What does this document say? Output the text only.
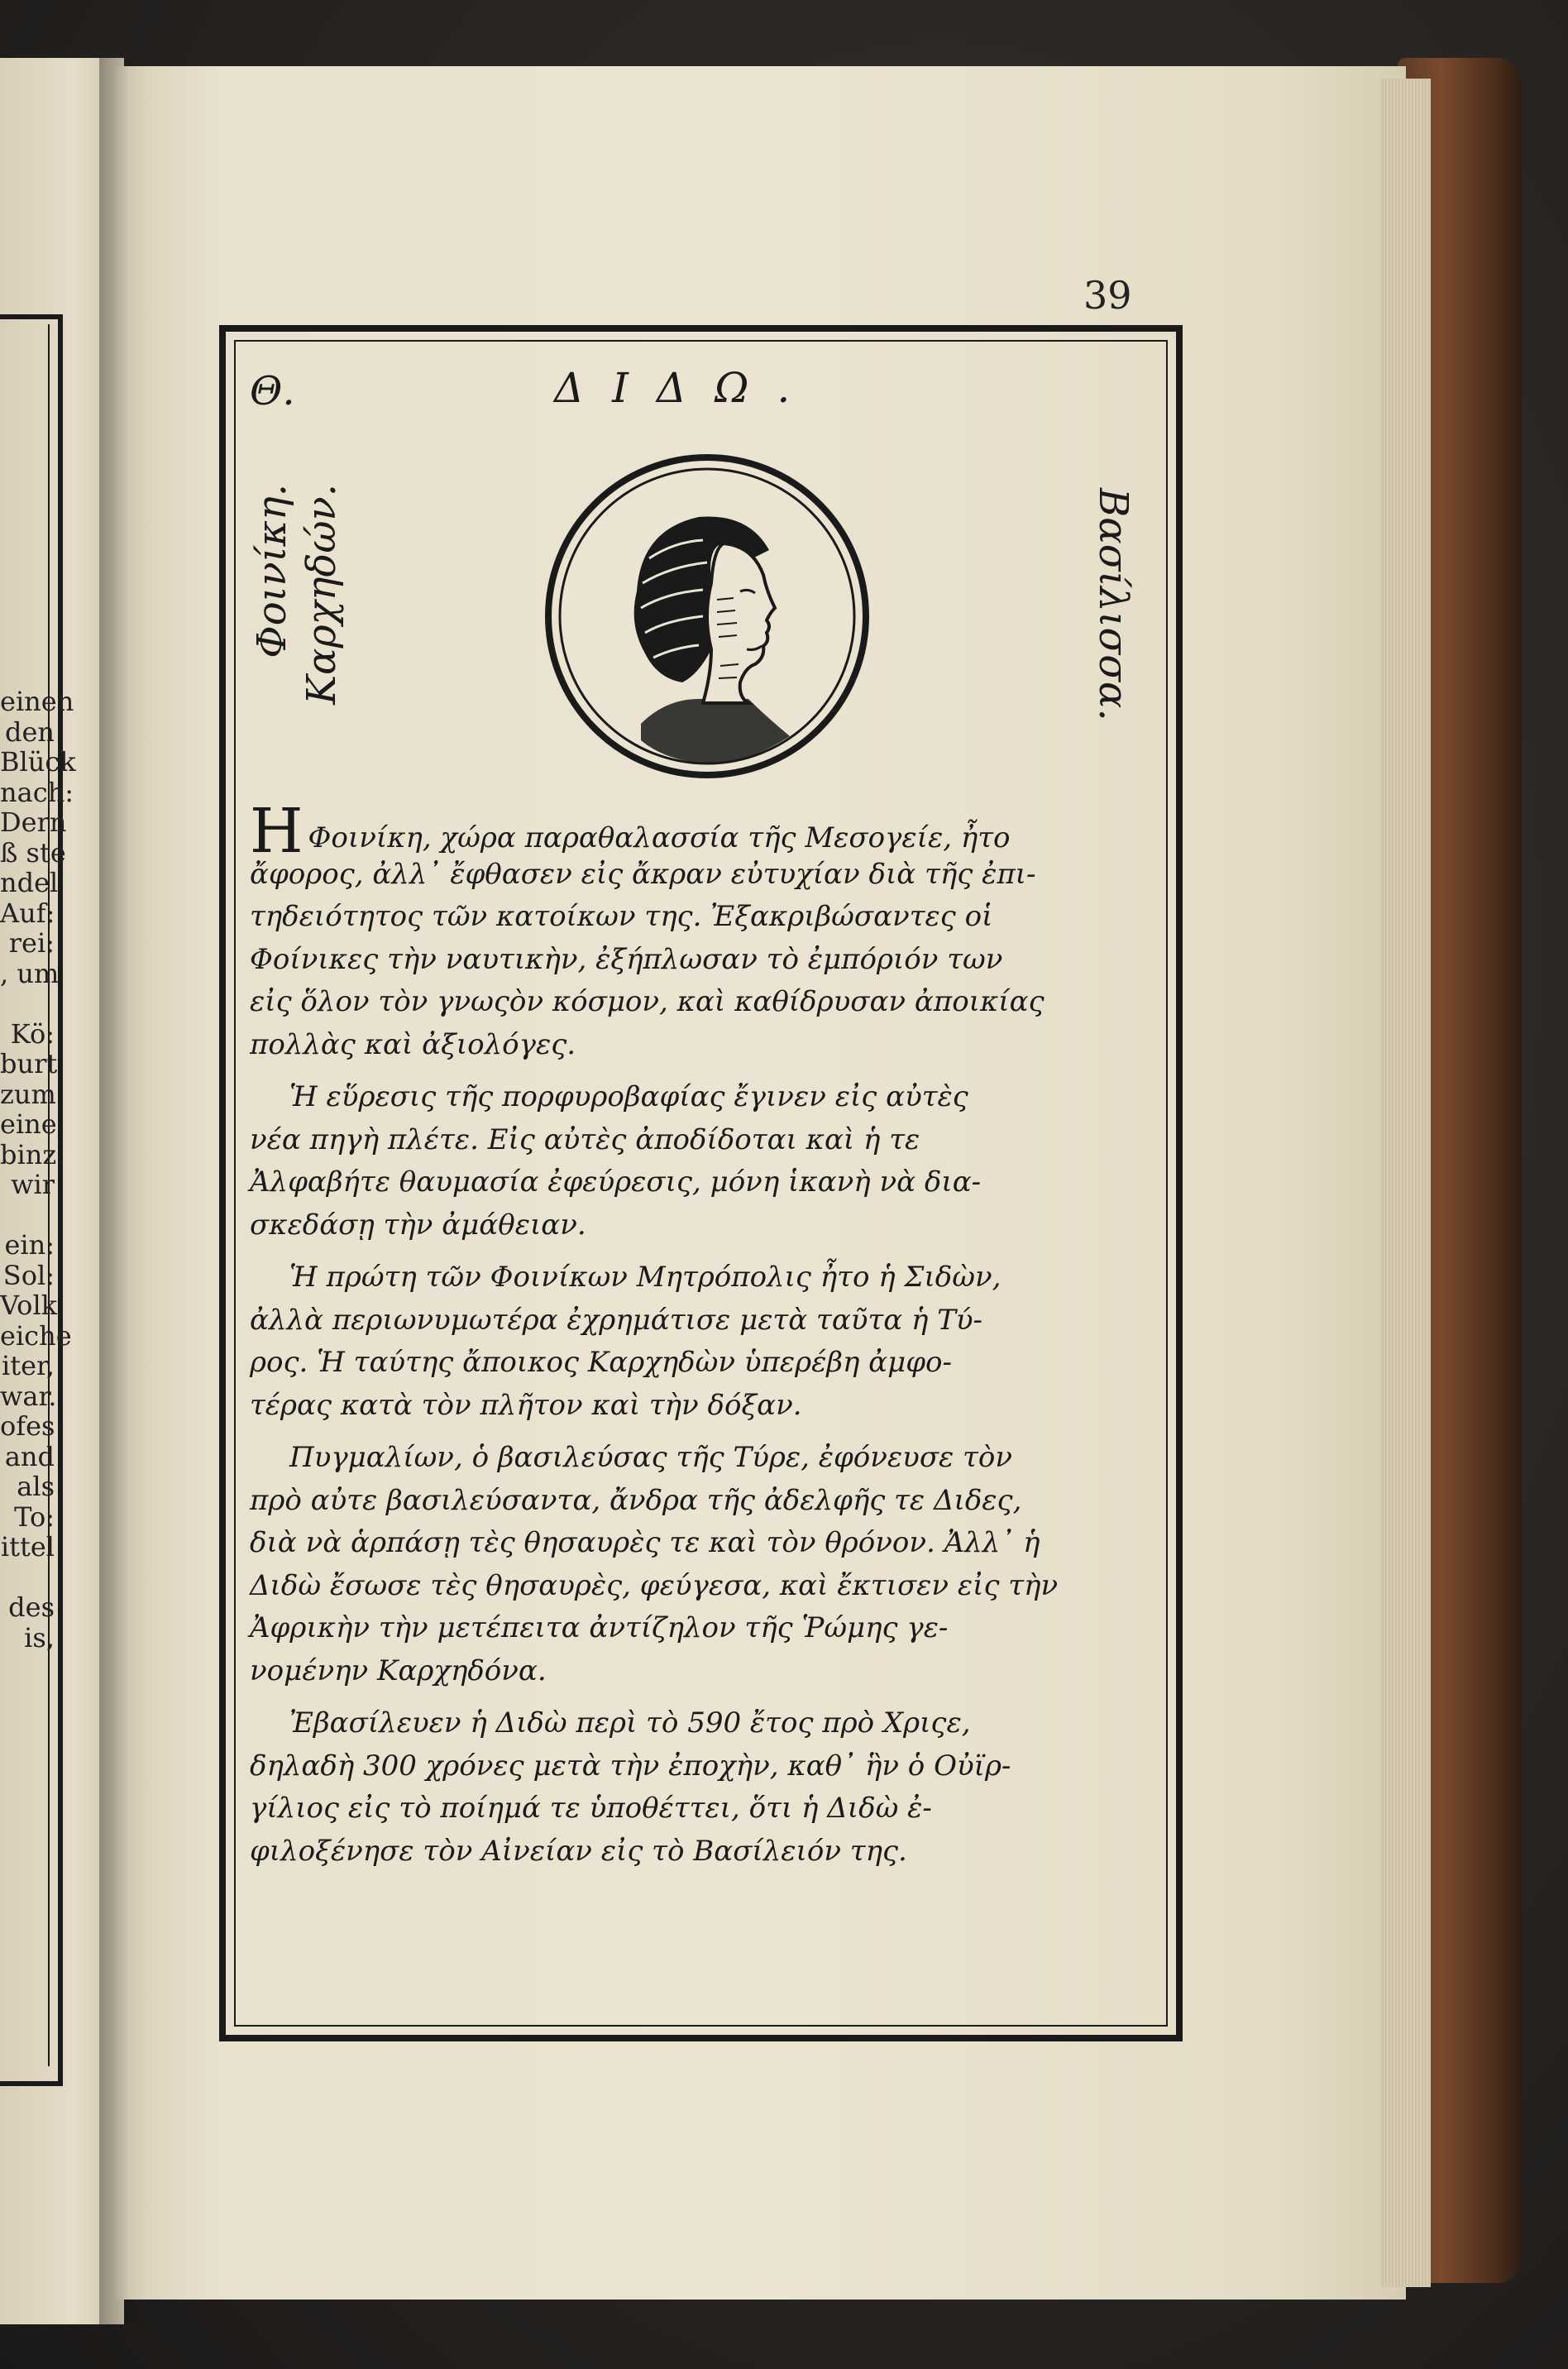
einen
den
Blück
nach:
Dern
ß ste
ndel
Auf:
rei:
, um
Kö:
burt
zum
eine
binz.
wir
ein:
Sol:
Volk
eiche
iter,
war.
ofes:
and
als
To:
ittel
des
is,
39
Θ.	ΔΙΔΩ.
Φοινίκη. Καρχηδών.	Βασίλισσα.
Η Φοινίκη, χώρα παραθαλασσία τῆς Μεσογείε, ἦτο
ἄφορος, ἀλλ᾽ ἔφθασεν εἰς ἄκραν εὐτυχίαν διὰ τῆς ἐπι-
τηδειότητος τῶν κατοίκων της. Ἐξακριβώσαντες οἱ
Φοίνικες τὴν ναυτικὴν, ἐξήπλωσαν τὸ ἐμπόριόν των
εἰς ὅλον τὸν γνωςὸν κόσμον, καὶ καθίδρυσαν ἀποικίας
πολλὰς καὶ ἀξιολόγες.
Ἡ εὕρεσις τῆς πορφυροβαφίας ἔγινεν εἰς αὐτὲς
νέα πηγὴ πλέτε. Εἰς αὐτὲς ἀποδίδοται καὶ ἡ τε
Ἀλφαβήτε θαυμασία ἐφεύρεσις, μόνη ἱκανὴ νὰ δια-
σκεδάσῃ τὴν ἀμάθειαν.
Ἡ πρώτη τῶν Φοινίκων Μητρόπολις ἦτο ἡ Σιδὼν,
ἀλλὰ περιωνυμωτέρα ἐχρημάτισε μετὰ ταῦτα ἡ Τύ-
ρος. Ἡ ταύτης ἄποικος Καρχηδὼν ὑπερέβη ἀμφο-
τέρας κατὰ τὸν πλῆτον καὶ τὴν δόξαν.
Πυγμαλίων, ὁ βασιλεύσας τῆς Τύρε, ἐφόνευσε τὸν
πρὸ αὐτε βασιλεύσαντα, ἄνδρα τῆς ἀδελφῆς τε Διδες,
διὰ νὰ ἁρπάσῃ τὲς θησαυρὲς τε καὶ τὸν θρόνον. Ἀλλ᾽ ἡ
Διδὼ ἔσωσε τὲς θησαυρὲς, φεύγεσα, καὶ ἔκτισεν εἰς τὴν
Ἀφρικὴν τὴν μετέπειτα ἀντίζηλον τῆς Ῥώμης γε-
νομένην Καρχηδόνα.
Ἐβασίλευεν ἡ Διδὼ περὶ τὸ 590 ἔτος πρὸ Χριςε,
δηλαδὴ 300 χρόνες μετὰ τὴν ἐποχὴν, καθ᾽ ἣν ὁ Οὐϊρ-
γίλιος εἰς τὸ ποίημά τε ὑποθέττει, ὅτι ἡ Διδὼ ἐ-
φιλοξένησε τὸν Αἰνείαν εἰς τὸ Βασίλειόν της.
